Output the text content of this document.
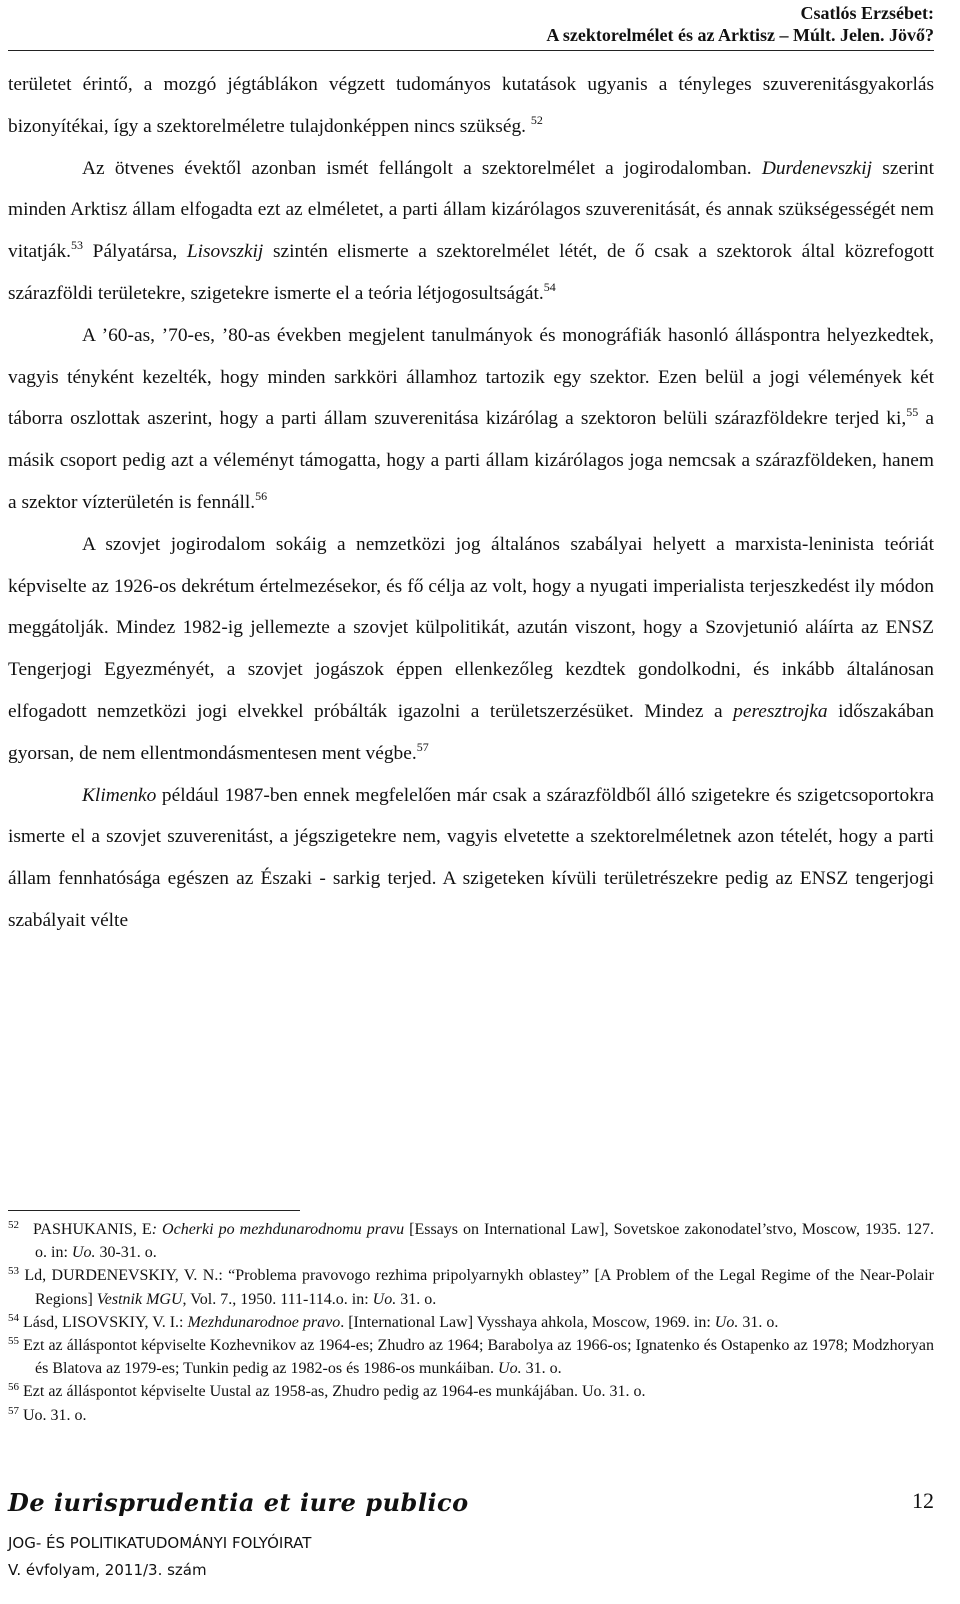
Csatlós Erzsébet:
A szektorelmélet és az Arktisz – Múlt. Jelen. Jövő?

területet érintő, a mozgó jégtáblákon végzett tudományos kutatások ugyanis a tényleges szuverenitásgyakorlás bizonyítékai, így a szektorelméletre tulajdonképpen nincs szükség. $^{52}$

Az ötvenes évektől azonban ismét fellángolt a szektorelmélet a jogirodalomban. Durdenevszkij szerint minden Arktisz állam elfogadta ezt az elméletet, a parti állam kizárólagos szuverenitását, és annak szükségességét nem vitatják.$^{53}$ Pályatársa, Lisovszkij szintén elismerte a szektorelmélet létét, de ő csak a szektorok által közrefogott szárazföldi területekre, szigetekre ismerte el a teória létjogosultságát.$^{54}$

A ’60-as, ’70-es, ’80-as években megjelent tanulmányok és monográfiák hasonló álláspontra helyezkedtek, vagyis tényként kezelték, hogy minden sarkköri államhoz tartozik egy szektor. Ezen belül a jogi vélemények két táborra oszlottak aszerint, hogy a parti állam szuverenitása kizárólag a szektoron belüli szárazföldekre terjed ki,$^{55}$ a másik csoport pedig azt a véleményt támogatta, hogy a parti állam kizárólagos joga nemcsak a szárazföldeken, hanem a szektor vízterületén is fennáll.$^{56}$

A szovjet jogirodalom sokáig a nemzetközi jog általános szabályai helyett a marxista-leninista teóriát képviselte az 1926-os dekrétum értelmezésekor, és fő célja az volt, hogy a nyugati imperialista terjeszkedést ily módon meggátolják. Mindez 1982-ig jellemezte a szovjet külpolitikát, azután viszont, hogy a Szovjetunió aláírta az ENSZ Tengerjogi Egyezményét, a szovjet jogászok éppen ellenkezőleg kezdtek gondolkodni, és inkább általánosan elfogadott nemzetközi jogi elvekkel próbálták igazolni a területszerzésüket. Mindez a peresztrojka időszakában gyorsan, de nem ellentmondásmentesen ment végbe.$^{57}$

Klimenko például 1987-ben ennek megfelelően már csak a szárazföldből álló szigetekre és szigetcsoportokra ismerte el a szovjet szuverenitást, a jégszigetekre nem, vagyis elvetette a szektorelméletnek azon tételét, hogy a parti állam fennhatósága egészen az Északi - sarkig terjed. A szigeteken kívüli területrészekre pedig az ENSZ tengerjogi szabályait vélte

$^{52}$ PASHUKANIS, E: Ocherki po mezhdunarodnomu pravu [Essays on International Law], Sovetskoe zakonodatel’stvo, Moscow, 1935. 127. o. in: Uo. 30-31. o.

$^{53}$ Ld, DURDENEVSKIY, V. N.: “Problema pravovogo rezhima pripolyarnykh oblastey” [A Problem of the Legal Regime of the Near-Polair Regions] Vestnik MGU, Vol. 7., 1950. 111-114.o. in: Uo. 31. o.

$^{54}$ Lásd, LISOVSKIY, V. I.: Mezhdunarodnoe pravo. [International Law] Vysshaya ahkola, Moscow, 1969. in: Uo. 31. o.

$^{55}$ Ezt az álláspontot képviselte Kozhevnikov az 1964-es; Zhudro az 1964; Barabolya az 1966-os; Ignatenko és Ostapenko az 1978; Modzhoryan és Blatova az 1979-es; Tunkin pedig az 1982-os és 1986-os munkáiban. Uo. 31. o.

$^{56}$ Ezt az álláspontot képviselte Uustal az 1958-as, Zhudro pedig az 1964-es munkájában. Uo. 31. o.

$^{57}$ Uo. 31. o.

De iurisprudentia et iure publico	12
JOG- ÉS POLITIKATUDOMÁNYI FOLYÓIRAT
V. évfolyam, 2011/3. szám
